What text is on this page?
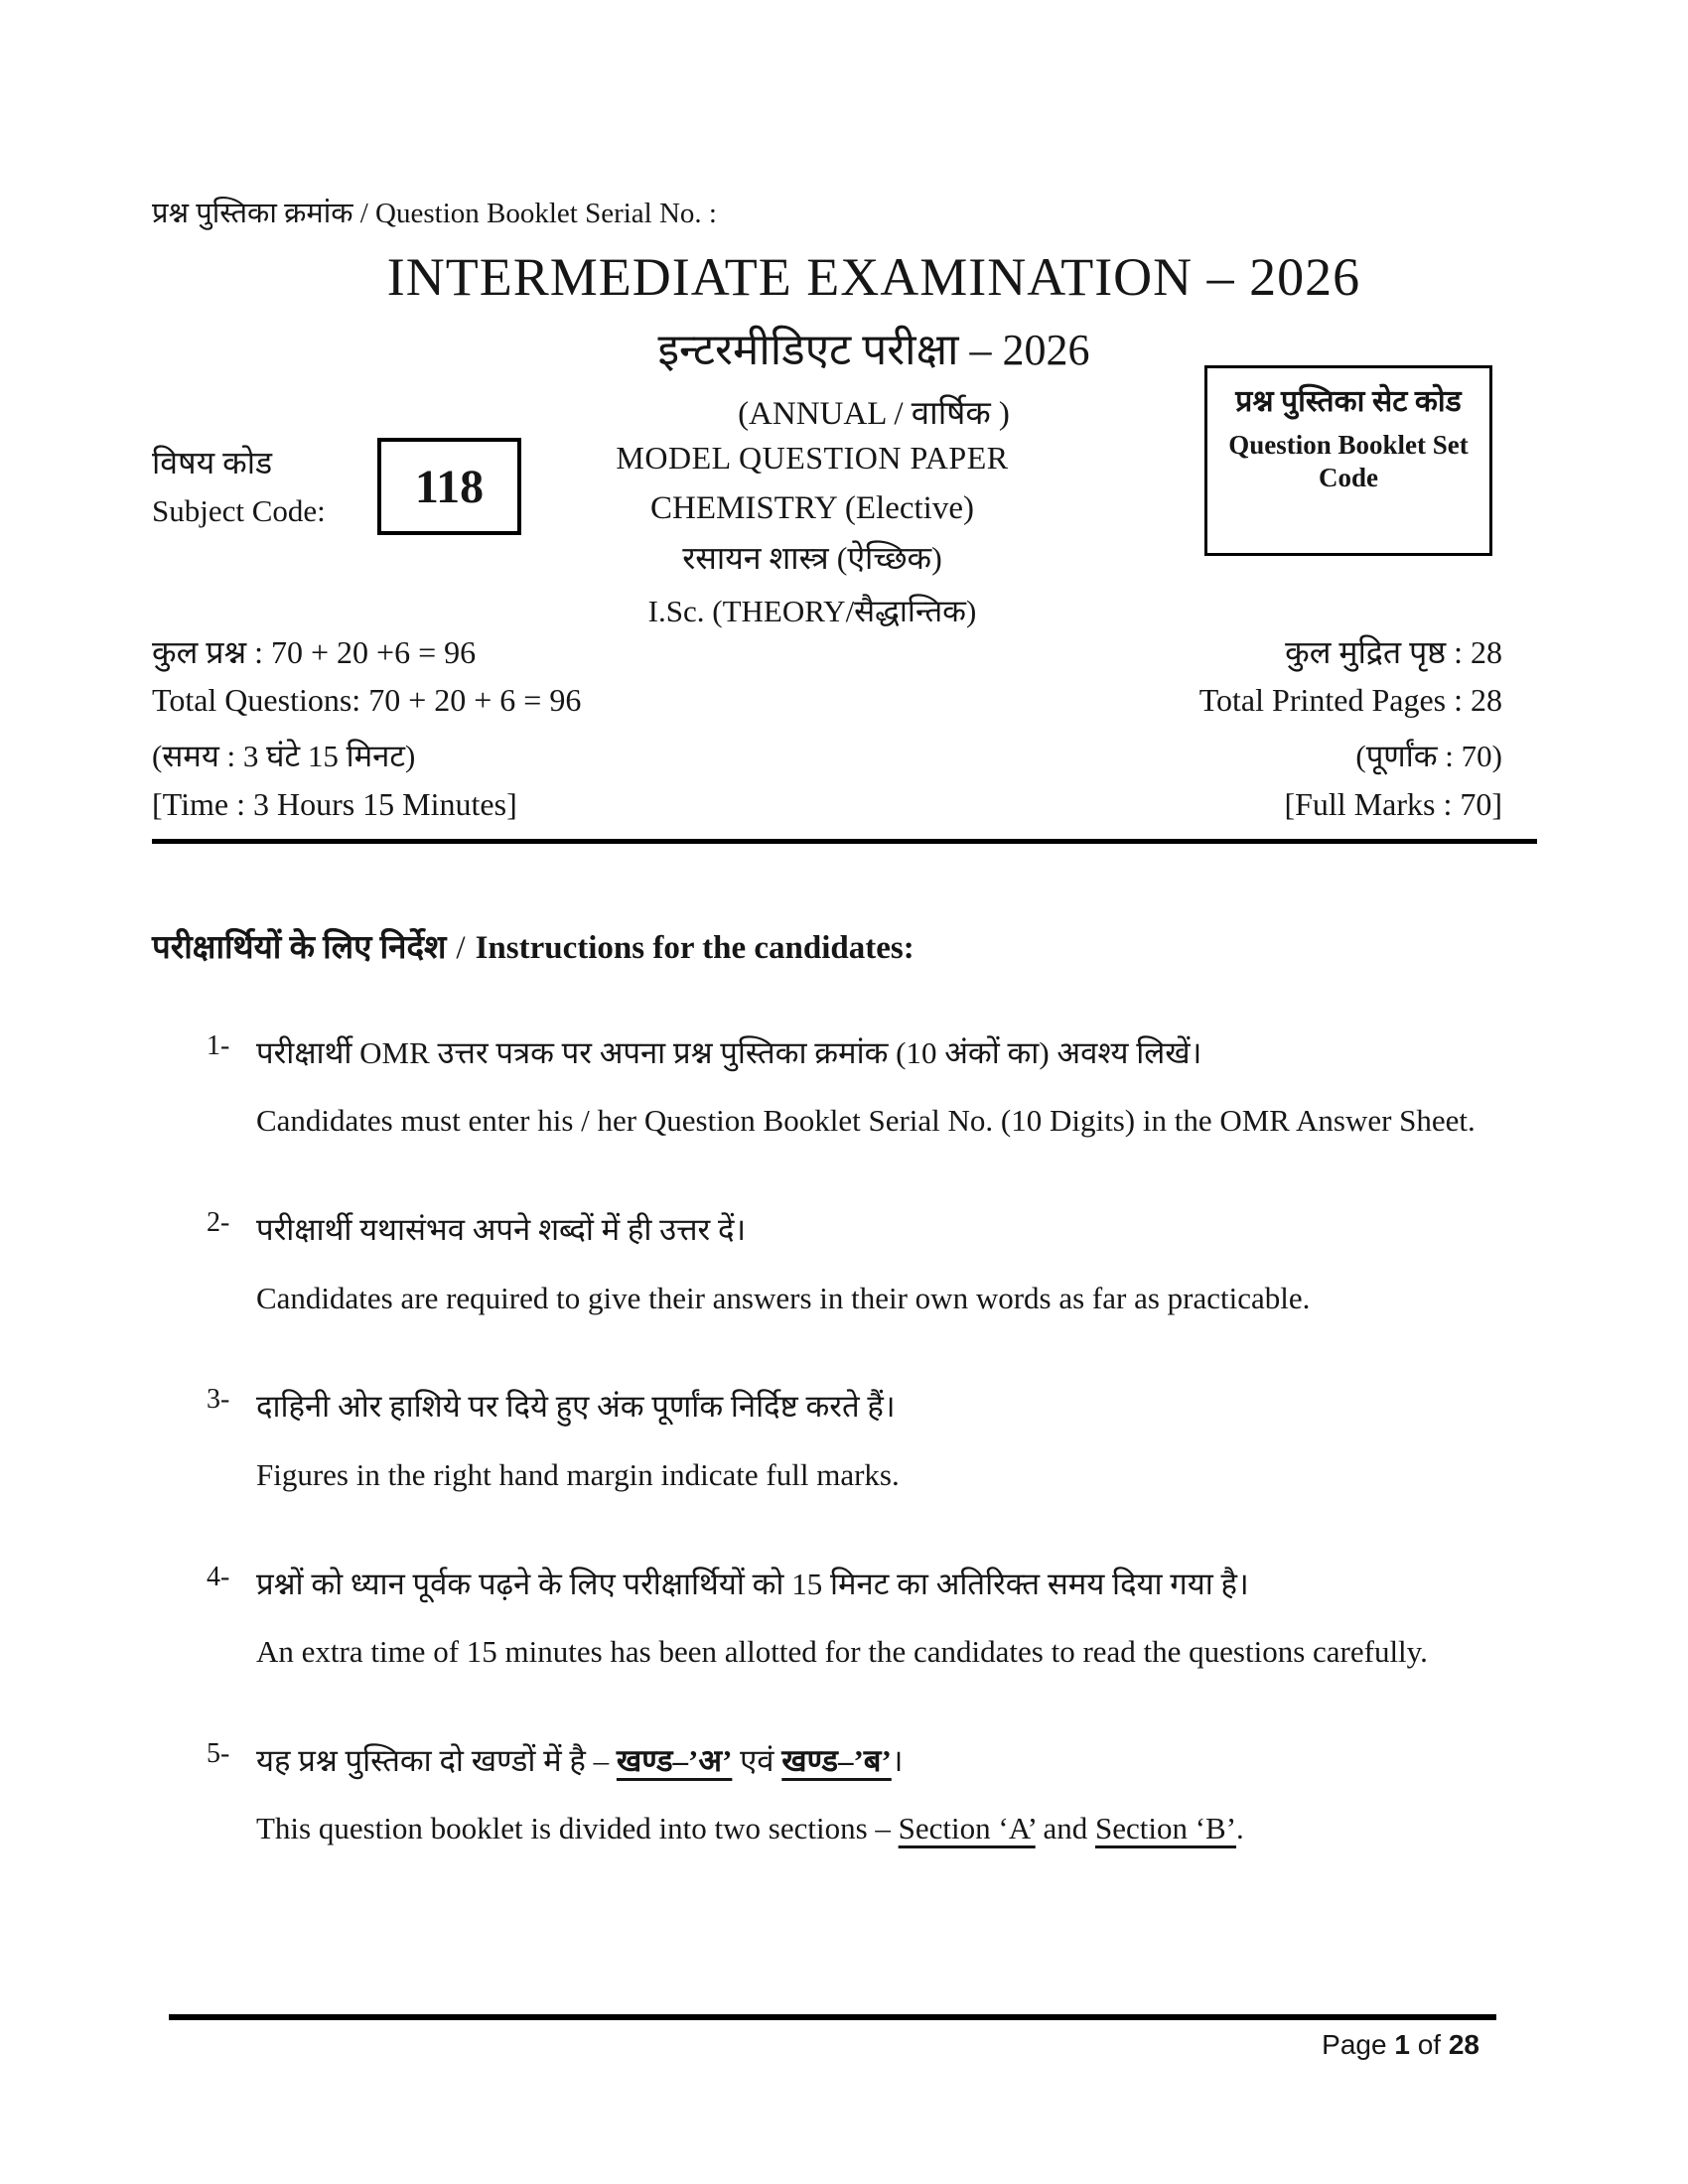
प्रश्न पुस्तिका क्रमांक / Question Booklet Serial No. :
INTERMEDIATE EXAMINATION – 2026
इन्टरमीडिएट परीक्षा – 2026
(ANNUAL / वार्षिक )
विषय कोड
Subject Code: 118
MODEL QUESTION PAPER
CHEMISTRY (Elective)
रसायन शास्त्र (ऐच्छिक)
I.Sc. (THEORY/सैद्धान्तिक)
प्रश्न पुस्तिका सेट कोड
Question Booklet Set Code
कुल प्रश्न : 70 + 20 +6 = 96
Total Questions: 70 + 20 + 6 = 96
(समय : 3 घंटे 15 मिनट)
[Time : 3 Hours 15 Minutes]
कुल मुद्रित पृष्ठ : 28
Total Printed Pages : 28
(पूर्णांक : 70)
[Full Marks : 70]
परीक्षार्थियों के लिए निर्देश / Instructions for the candidates:
1- परीक्षार्थी OMR उत्तर पत्रक पर अपना प्रश्न पुस्तिका क्रमांक (10 अंकों का) अवश्य लिखें।
Candidates must enter his / her Question Booklet Serial No. (10 Digits) in the OMR Answer Sheet.
2- परीक्षार्थी यथासंभव अपने शब्दों में ही उत्तर दें।
Candidates are required to give their answers in their own words as far as practicable.
3- दाहिनी ओर हाशिये पर दिये हुए अंक पूर्णांक निर्दिष्ट करते हैं।
Figures in the right hand margin indicate full marks.
4- प्रश्नों को ध्यान पूर्वक पढ़ने के लिए परीक्षार्थियों को 15 मिनट का अतिरिक्त समय दिया गया है।
An extra time of 15 minutes has been allotted for the candidates to read the questions carefully.
5- यह प्रश्न पुस्तिका दो खण्डों में है – खण्ड–’अ’ एवं खण्ड–’ब’।
This question booklet is divided into two sections – Section ‘A’ and Section ‘B’.
Page 1 of 28
